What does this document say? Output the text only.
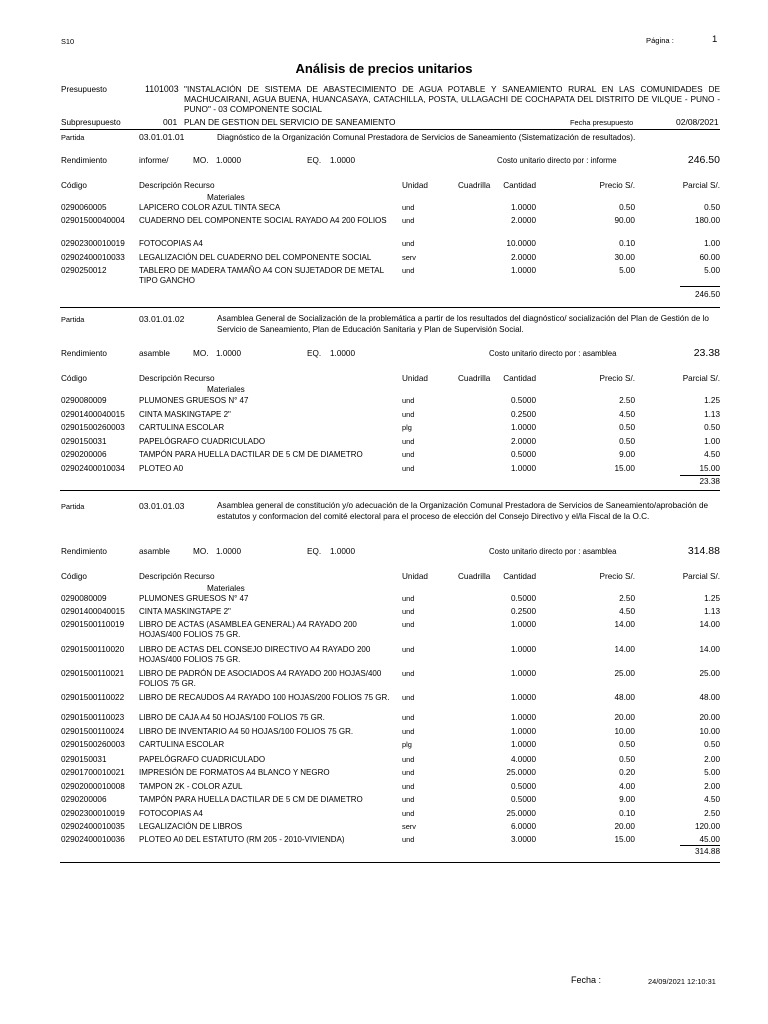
S10	Página :	1
Análisis de precios unitarios
Presupuesto	1101003 "INSTALACIÓN DE SISTEMA DE ABASTECIMIENTO DE AGUA POTABLE Y SANEAMIENTO RURAL EN LAS COMUNIDADES DE MACHUCAIRANI, AGUA BUENA, HUANCASAYA, CATACHILLA, POSTA, ULLAGACHI DE COCHAPATA DEL DISTRITO DE VILQUE - PUNO - PUNO" - 03 COMPONENTE SOCIAL
Subpresupuesto	001 PLAN DE GESTION DEL SERVICIO DE SANEAMIENTO	Fecha presupuesto	02/08/2021
Partida	03.01.01.01	Diagnóstico de la Organización Comunal Prestadora de Servicios de Saneamiento (Sistematización de resultados).
Rendimiento	informe/	MO. 1.0000	EQ. 1.0000	Costo unitario directo por : informe	246.50
Código	Descripción Recurso	Unidad	Cuadrilla Cantidad	Precio S/.	Parcial S/.
Materiales
0290060005	LAPICERO COLOR AZUL TINTA SECA	und	1.0000	0.50	0.50
02901500040004 CUADERNO DEL COMPONENTE SOCIAL RAYADO A4 200 FOLIOS	und	2.0000	90.00	180.00
02902300010019 FOTOCOPIAS A4	und	10.0000	0.10	1.00
02902400010033 LEGALIZACIÓN DEL CUADERNO DEL COMPONENTE SOCIAL	serv	2.0000	30.00	60.00
0290250012	TABLERO DE MADERA TAMAÑO A4 CON SUJETADOR DE METAL TIPO GANCHO
und	1.0000	5.00	5.00
246.50
Partida	03.01.01.02	Asamblea General de Socialización de la problemática a partir de los resultados del diagnóstico/ socialización del Plan de Gestión de lo Servicio de Saneamiento, Plan de Educación Sanitaria y Plan de Supervisión Social.
Rendimiento	asamble	MO. 1.0000	EQ. 1.0000	Costo unitario directo por : asamblea	23.38
Código	Descripción Recurso	Unidad	Cuadrilla Cantidad	Precio S/.	Parcial S/.
Materiales
0290080009	PLUMONES GRUESOS N° 47	und	0.5000	2.50	1.25
02901400040015 CINTA MASKINGTAPE 2"	und	0.2500	4.50	1.13
02901500260003 CARTULINA ESCOLAR	plg	1.0000	0.50	0.50
0290150031	PAPELÓGRAFO CUADRICULADO	und	2.0000	0.50	1.00
0290200006	TAMPÓN PARA HUELLA DACTILAR DE 5 CM DE DIAMETRO	und	0.5000	9.00	4.50
02902400010034 PLOTEO A0	und	1.0000	15.00	15.00
23.38
Partida	03.01.01.03	Asamblea general de constitución y/o adecuación de la Organización Comunal Prestadora de Servicios de Saneamiento/aprobación de estatutos y conformacion del comité electoral para el proceso de elección del Consejo Directivo y el/la Fiscal de la O.C.
Rendimiento	asamble	MO. 1.0000	EQ. 1.0000	Costo unitario directo por : asamblea	314.88
Código	Descripción Recurso	Unidad	Cuadrilla Cantidad	Precio S/.	Parcial S/.
Materiales
0290080009	PLUMONES GRUESOS N° 47	und	0.5000	2.50	1.25
02901400040015 CINTA MASKINGTAPE 2"	und	0.2500	4.50	1.13
02901500110019 LIBRO DE ACTAS (ASAMBLEA GENERAL) A4 RAYADO 200 HOJAS/400 FOLIOS 75 GR.
und	1.0000	14.00	14.00
02901500110020 LIBRO DE ACTAS DEL CONSEJO DIRECTIVO A4 RAYADO 200 HOJAS/400 FOLIOS 75 GR.
und	1.0000	14.00	14.00
02901500110021 LIBRO DE PADRÓN DE ASOCIADOS A4 RAYADO 200 HOJAS/400 FOLIOS 75 GR.
und	1.0000	25.00	25.00
02901500110022 LIBRO DE RECAUDOS A4 RAYADO 100 HOJAS/200 FOLIOS 75 GR.	und	1.0000	48.00	48.00
02901500110023 LIBRO DE CAJA A4 50 HOJAS/100 FOLIOS 75 GR.	und	1.0000	20.00	20.00
02901500110024 LIBRO DE INVENTARIO A4 50 HOJAS/100 FOLIOS 75 GR.	und	1.0000	10.00	10.00
02901500260003 CARTULINA ESCOLAR	plg	1.0000	0.50	0.50
0290150031	PAPELÓGRAFO CUADRICULADO	und	4.0000	0.50	2.00
02901700010021 IMPRESIÓN DE FORMATOS A4 BLANCO Y NEGRO	und	25.0000	0.20	5.00
02902000010008 TAMPON 2K - COLOR AZUL	und	0.5000	4.00	2.00
0290200006	TAMPÓN PARA HUELLA DACTILAR DE 5 CM DE DIAMETRO	und	0.5000	9.00	4.50
02902300010019 FOTOCOPIAS A4	und	25.0000	0.10	2.50
02902400010035 LEGALIZACIÓN DE LIBROS	serv	6.0000	20.00	120.00
02902400010036 PLOTEO A0 DEL ESTATUTO (RM 205 - 2010-VIVIENDA)	und	3.0000	15.00	45.00
314.88
Fecha :	24/09/2021 12:10:31
